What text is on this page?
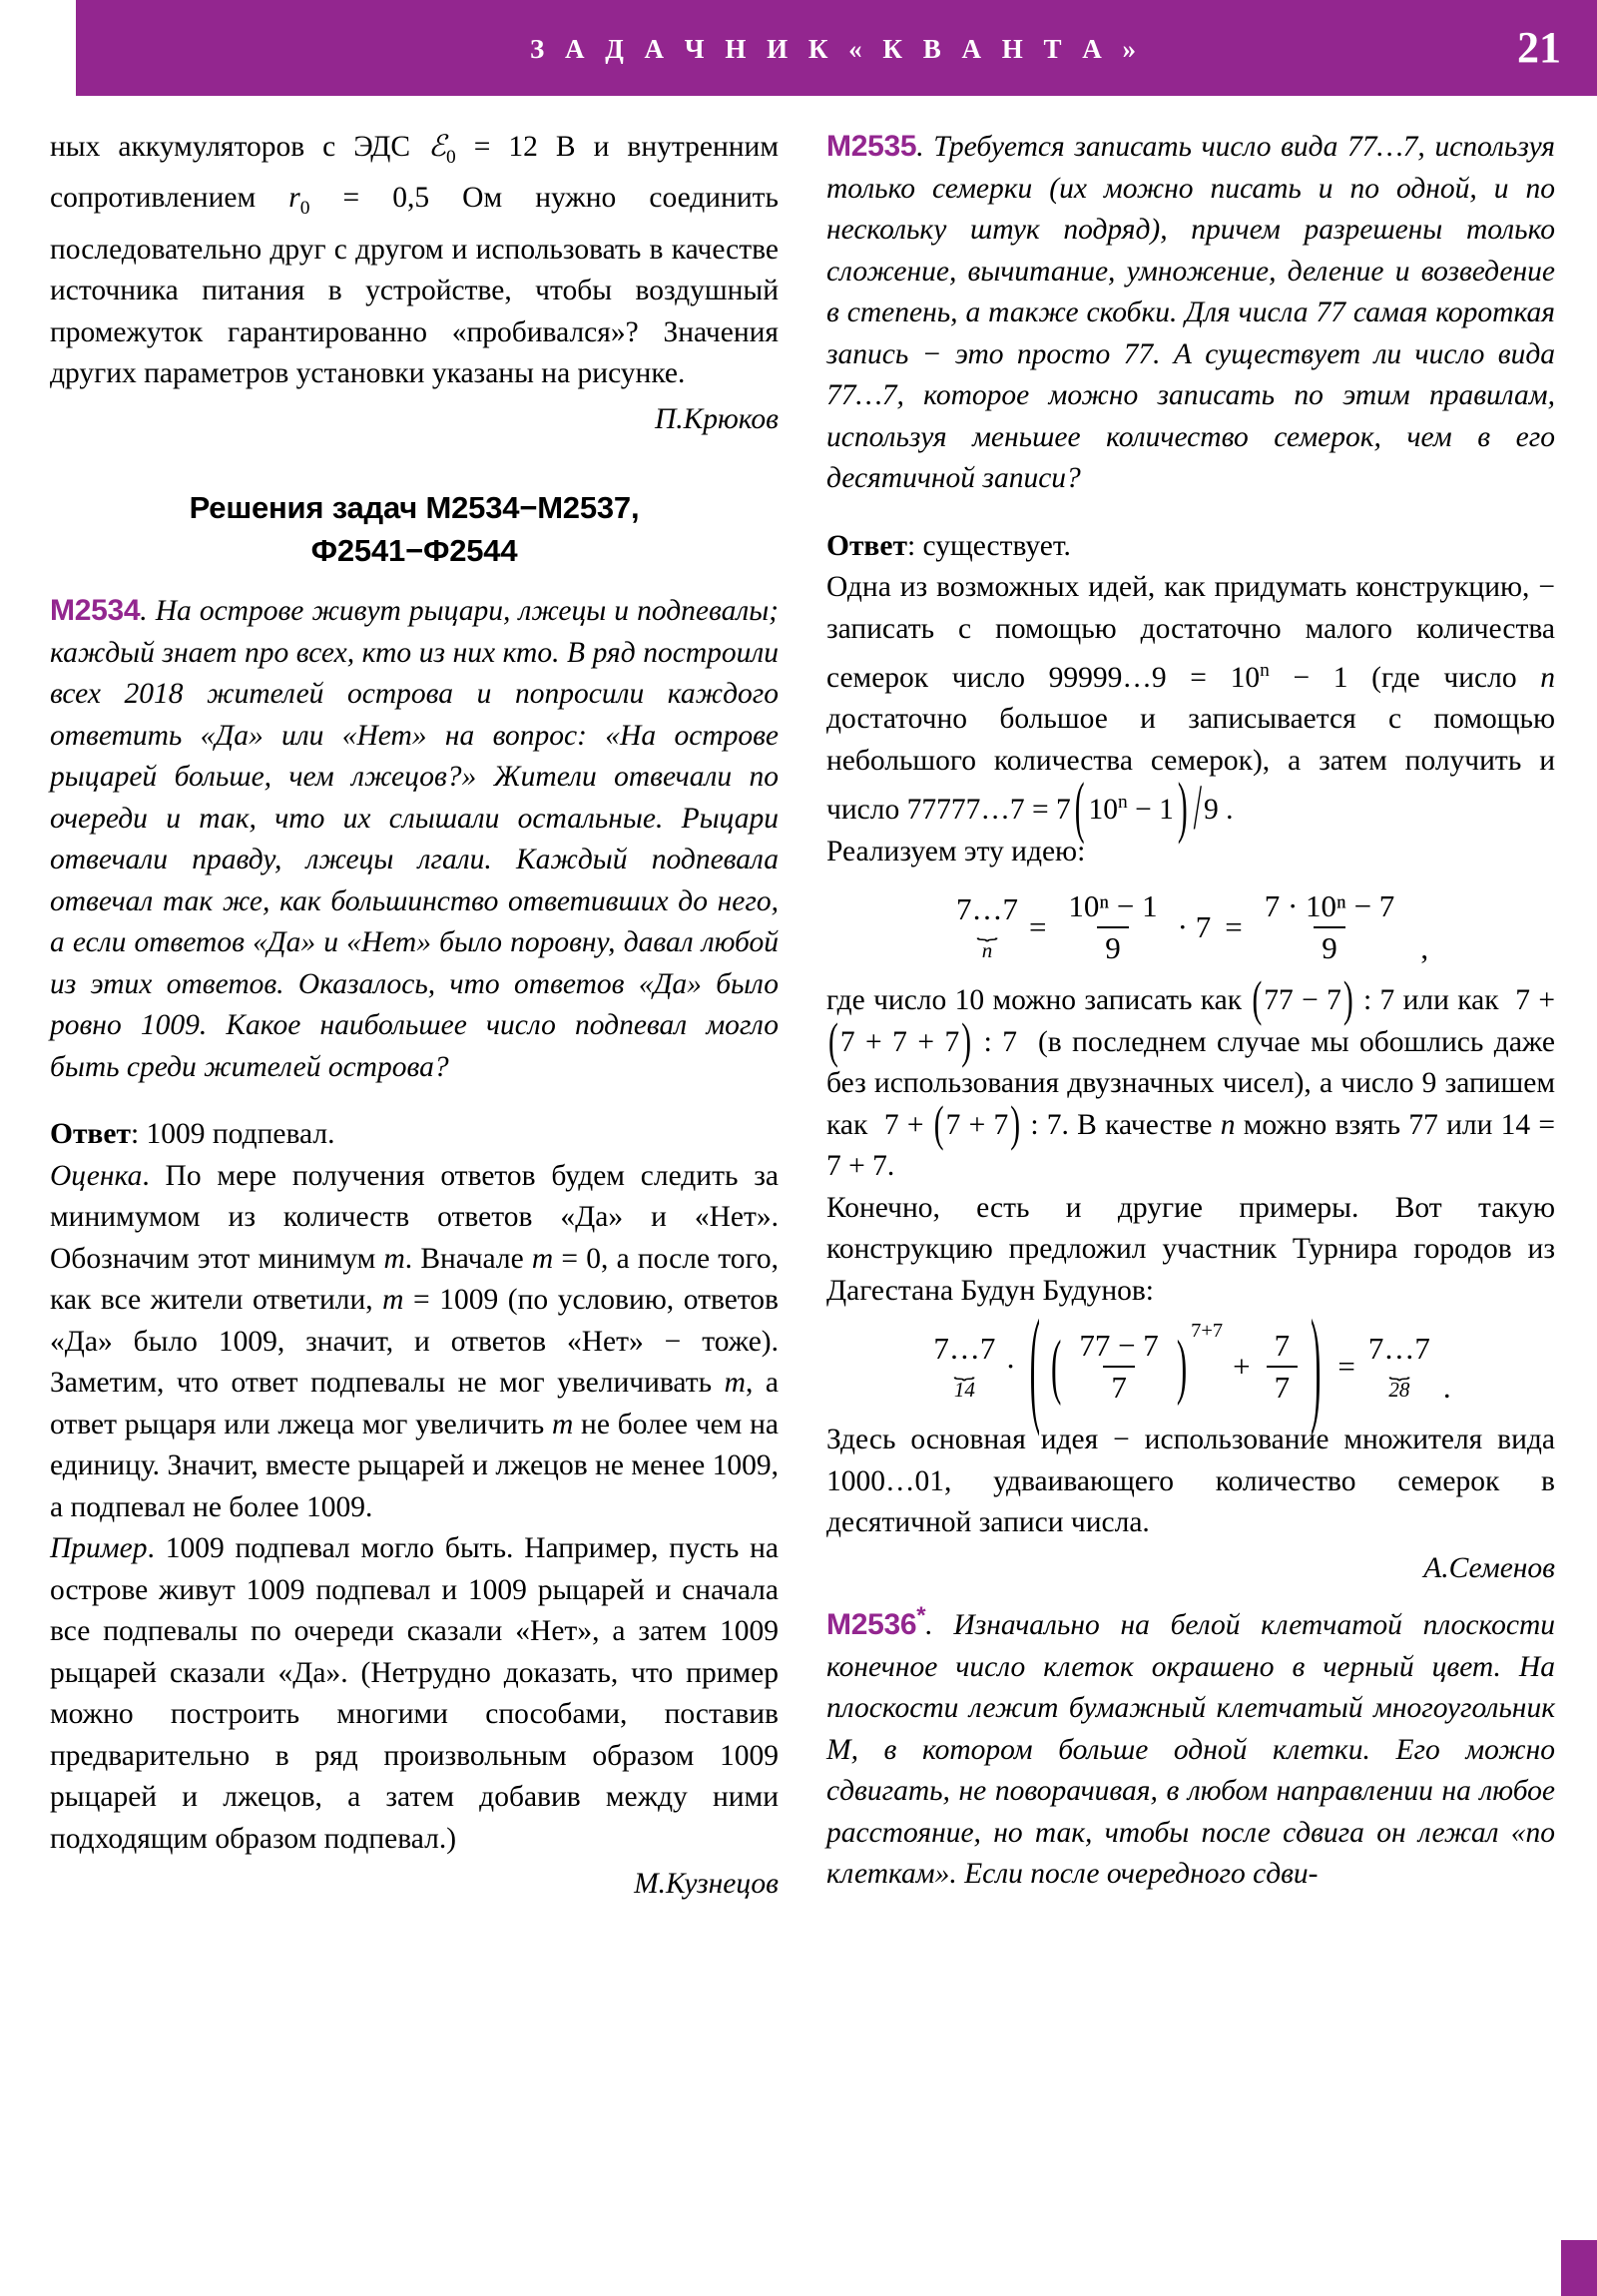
З А Д А Ч Н И К « К В А Н Т А »	21

ных аккумуляторов с ЭДС ℰ$_0$ = 12 В и внутренним сопротивлением $r_0 = 0,5$ Ом нужно соединить последовательно друг с другом и использовать в качестве источника питания в устройстве, чтобы воздушный промежуток гарантированно «пробивался»? Значения других параметров установки указаны на рисунке.

П.Крюков

Решения задач М2534−М2537,
Ф2541−Ф2544

M2534. На острове живут рыцари, лжецы и подпевалы; каждый знает про всех, кто из них кто. В ряд построили всех 2018 жителей острова и попросили каждого ответить «Да» или «Нет» на вопрос: «На острове рыцарей больше, чем лжецов?» Жители отвечали по очереди и так, что их слышали остальные. Рыцари отвечали правду, лжецы лгали. Каждый подпевала отвечал так же, как большинство ответивших до него, а если ответов «Да» и «Нет» было поровну, давал любой из этих ответов. Оказалось, что ответов «Да» было ровно 1009. Какое наибольшее число подпевал могло быть среди жителей острова?

Ответ: 1009 подпевал.

Оценка. По мере получения ответов будем следить за минимумом из количеств ответов «Да» и «Нет». Обозначим этот минимум m. Вначале m = 0, а после того, как все жители ответили, m = 1009 (по условию, ответов «Да» было 1009, значит, и ответов «Нет» − тоже). Заметим, что ответ подпевалы не мог увеличивать m, а ответ рыцаря или лжеца мог увеличить m не более чем на единицу. Значит, вместе рыцарей и лжецов не менее 1009, а подпевал не более 1009.

Пример. 1009 подпевал могло быть. Например, пусть на острове живут 1009 подпевал и 1009 рыцарей и сначала все подпевалы по очереди сказали «Нет», а затем 1009 рыцарей сказали «Да». (Нетрудно доказать, что пример можно построить многими способами, поставив предварительно в ряд произвольным образом 1009 рыцарей и лжецов, а затем добавив между ними подходящим образом подпевал.)

М.Кузнецов

M2535. Требуется записать число вида 77…7, используя только семерки (их можно писать и по одной, и по нескольку штук подряд), причем разрешены только сложение, вычитание, умножение, деление и возведение в степень, а также скобки. Для числа 77 самая короткая запись − это просто 77. А существует ли число вида 77…7, которое можно записать по этим правилам, используя меньшее количество семерок, чем в его десятичной записи?

Ответ: существует.

Одна из возможных идей, как придумать конструкцию, − записать с помощью достаточно малого количества семерок число 99999…9 = $10^n - 1$ (где число n достаточно большое и записывается с помощью небольшого количества семерок), а затем получить и число 77777…7 = 7 ( $10^n - 1$ ) /9 .

Реализуем эту идею:

7…7
⏟
n
= $\frac{\text{10ⁿ − 1}}{9} \cdot 7 = \frac{\text{7 · 10ⁿ − 7}}{9}$ ,

где число 10 можно записать как (77 − 7) : 7 или как  7 + (7 + 7 + 7) : 7  (в последнем случае мы обошлись даже без использования двузначных чисел), а число 9 запишем как  7 + (7 + 7) : 7. В качестве n можно взять 77 или 14 = 7 + 7.

Конечно, есть и другие примеры. Вот такую конструкцию предложил участник Турнира городов из Дагестана Будун Будунов:

7…7
⏟
14
· ( ( $\frac{77 - 7}{7}$ ) 7+7
+ $\frac{7}{7}$ ) =
7…7
⏟
28 .

Здесь основная идея − использование множителя вида 1000…01, удваивающего количество семерок в десятичной записи числа.

А.Семенов

M2536*. Изначально на белой клетчатой плоскости конечное число клеток окрашено в черный цвет. На плоскости лежит бумажный клетчатый многоугольник М, в котором больше одной клетки. Его можно сдвигать, не поворачивая, в любом направлении на любое расстояние, но так, чтобы после сдвига он лежал «по клеткам». Если после очередного сдви-
